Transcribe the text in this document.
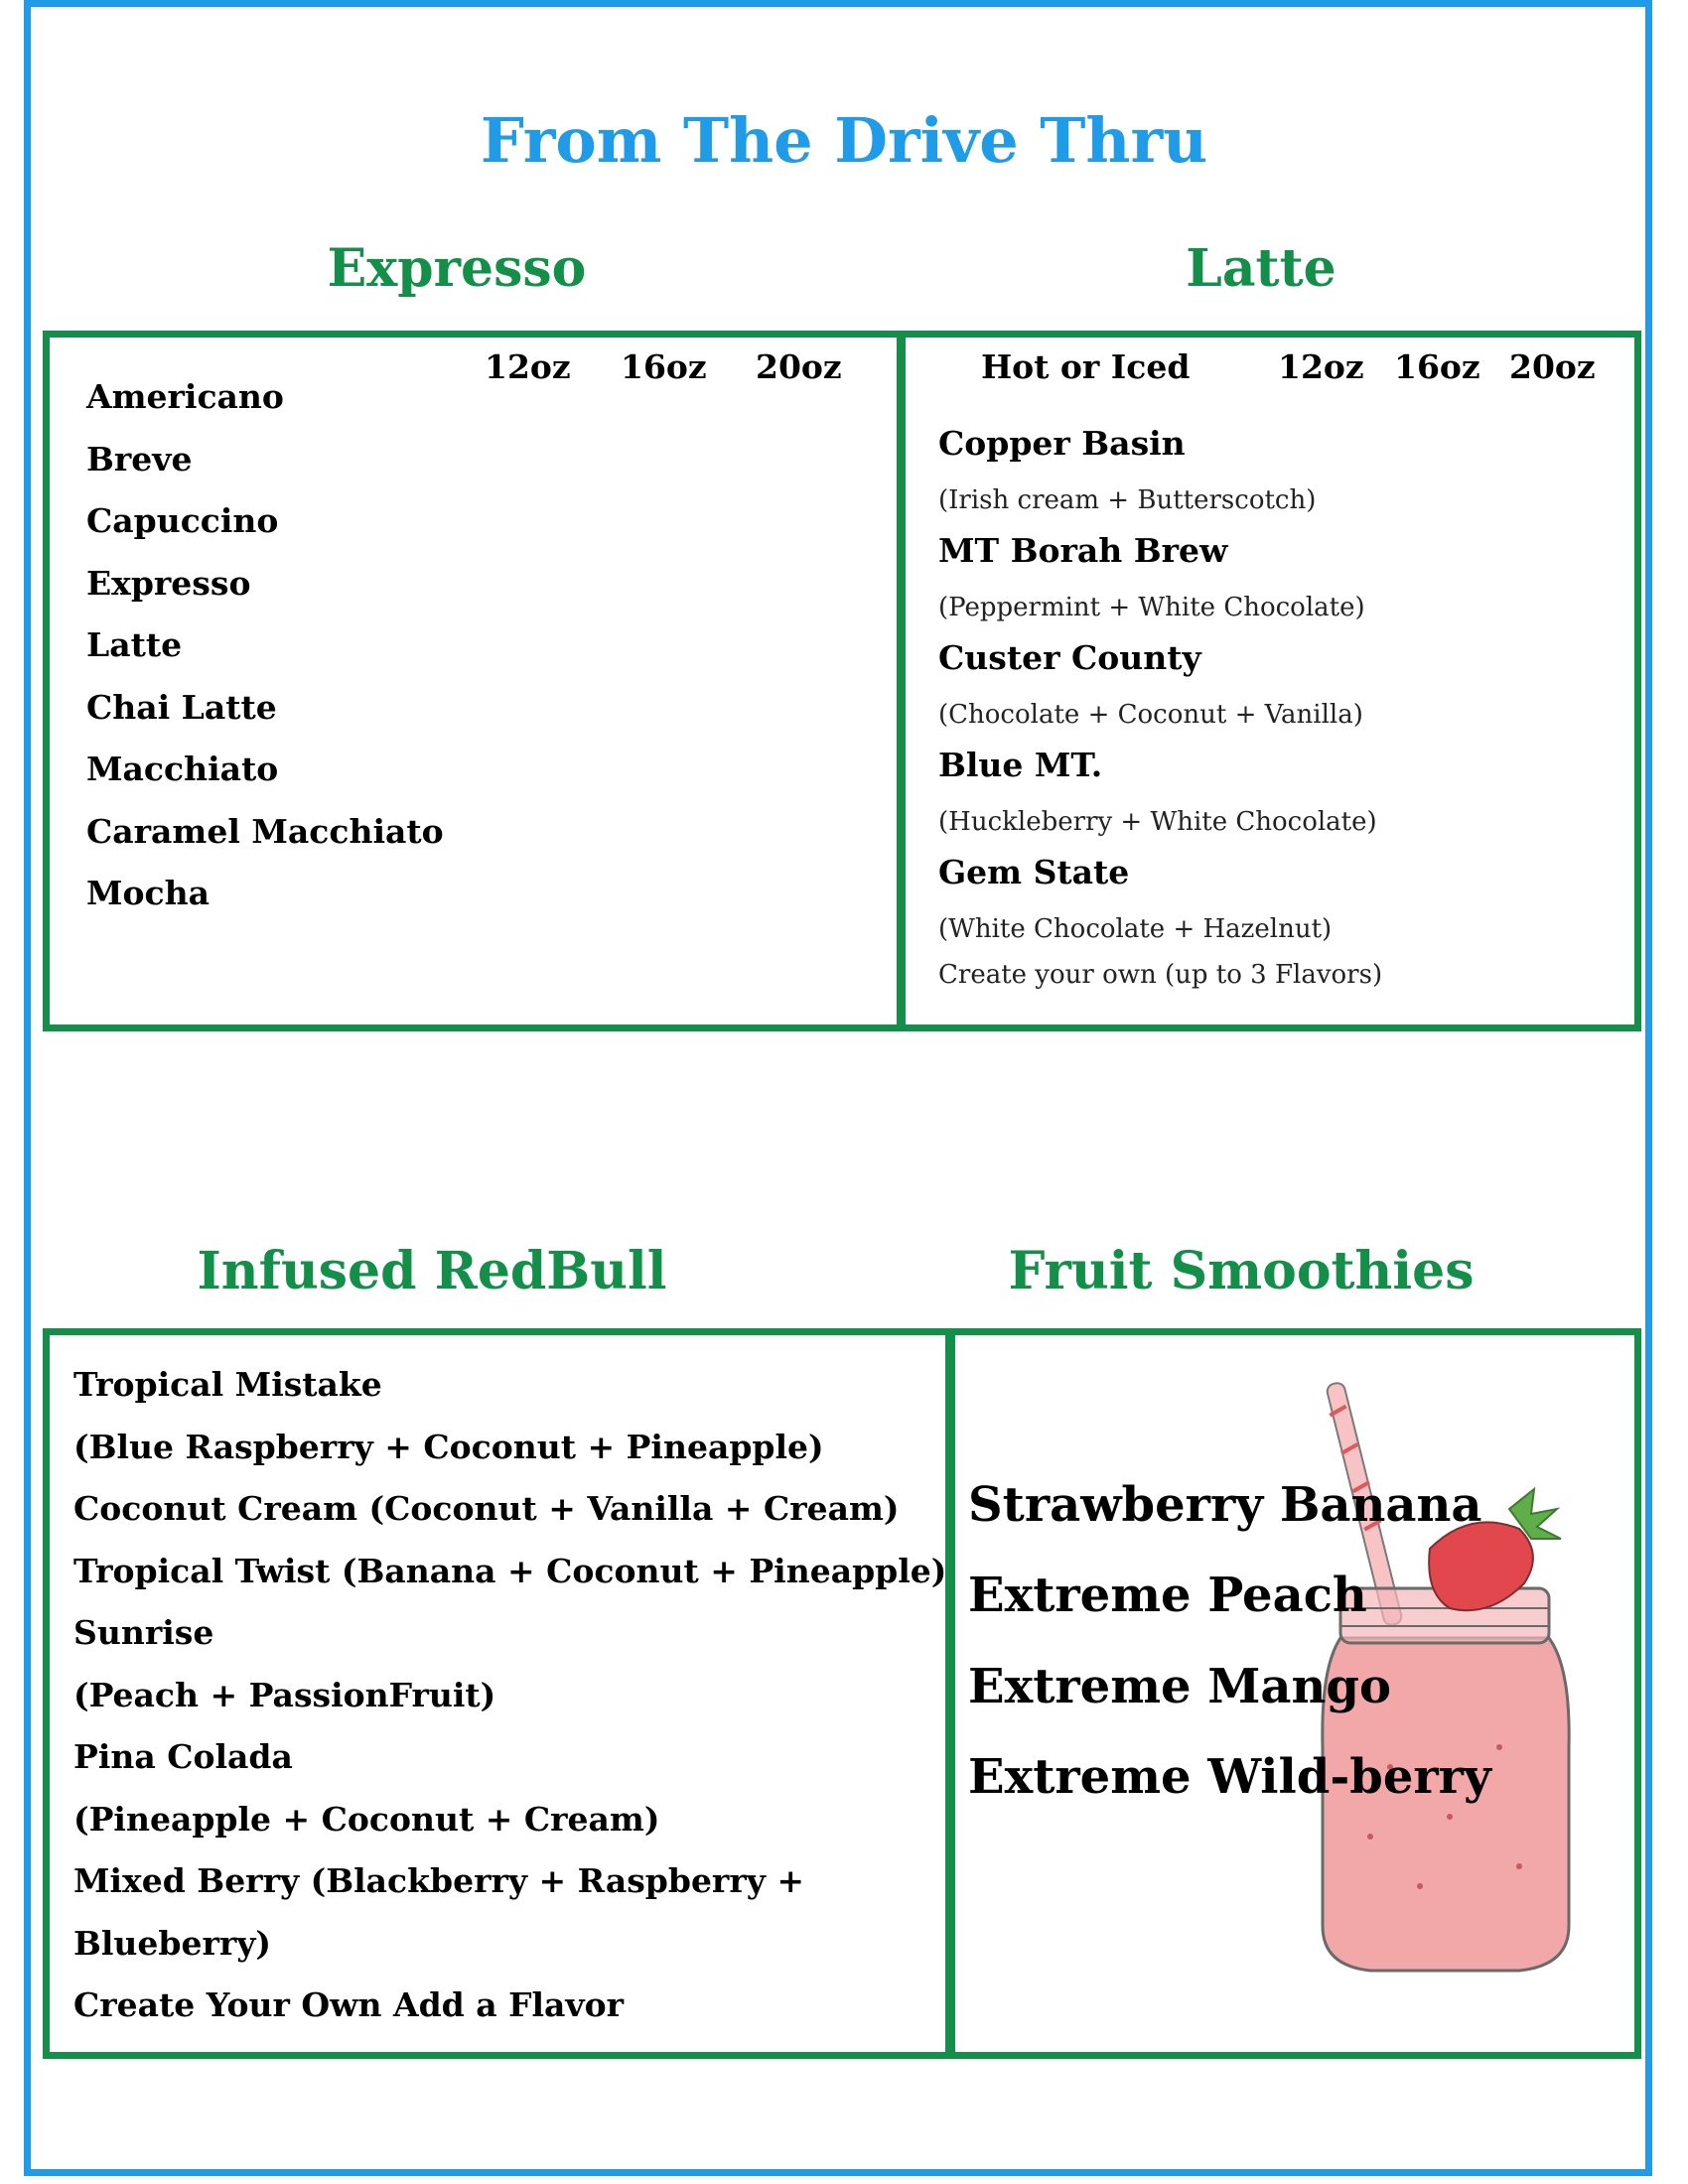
From The Drive Thru
Expresso	Latte
Infused RedBull	Fruit Smoothies
12oz 16oz 20oz
Americano
Breve
Capuccino
Expresso
Latte
Chai Latte
Macchiato
Caramel Macchiato
Mocha
Hot or Iced	12oz 16oz 20oz
Copper Basin
(Irish cream + Butterscotch)
MT Borah Brew
(Peppermint + White Chocolate)
Custer County
(Chocolate + Coconut + Vanilla)
Blue MT.
(Huckleberry + White Chocolate)
Gem State
(White Chocolate + Hazelnut)
Create your own (up to 3 Flavors)
Tropical Mistake
(Blue Raspberry + Coconut + Pineapple)
Coconut Cream (Coconut + Vanilla + Cream)
Tropical Twist (Banana + Coconut + Pineapple)
Sunrise
(Peach + PassionFruit)
Pina Colada
(Pineapple + Coconut + Cream)
Mixed Berry (Blackberry + Raspberry +
Blueberry)
Create Your Own Add a Flavor
Strawberry Banana
Extreme Peach
Extreme Mango
Extreme Wild-berry
